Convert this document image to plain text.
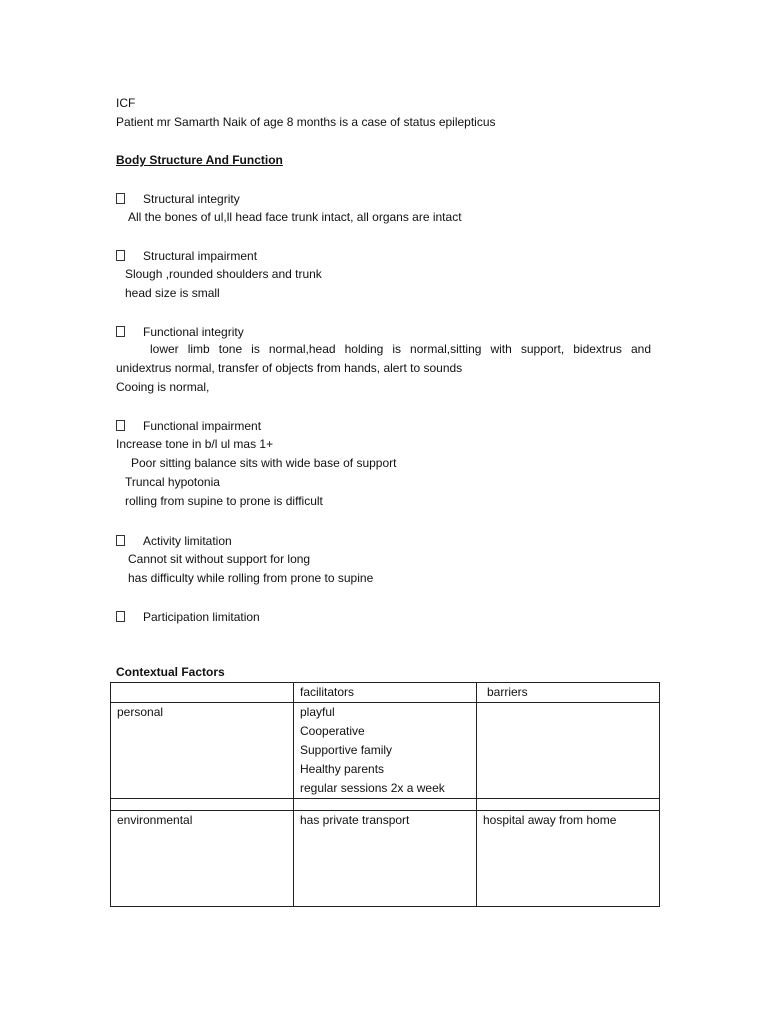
ICF
Patient mr Samarth Naik of age 8 months is a case of status epilepticus
Body Structure And Function
Structural integrity
All the bones of ul,ll head face trunk intact, all organs are intact
Structural impairment
Slough ,rounded shoulders and trunk
head size is small
Functional integrity
lower limb tone is normal,head holding is normal,sitting with support, bidextrus and
unidextrus normal, transfer of objects from hands, alert to sounds
Cooing is normal,
Functional impairment
Increase tone in b/l ul mas 1+
Poor sitting balance sits with wide base of support
Truncal hypotonia
rolling from supine to prone is difficult
Activity limitation
Cannot sit without support for long
has difficulty while rolling from prone to supine
Participation limitation
Contextual Factors
	facilitators	barriers
personal	playful
Cooperative
Supportive family
Healthy parents
regular sessions 2x a week	

environmental	has private transport	hospital away from home
